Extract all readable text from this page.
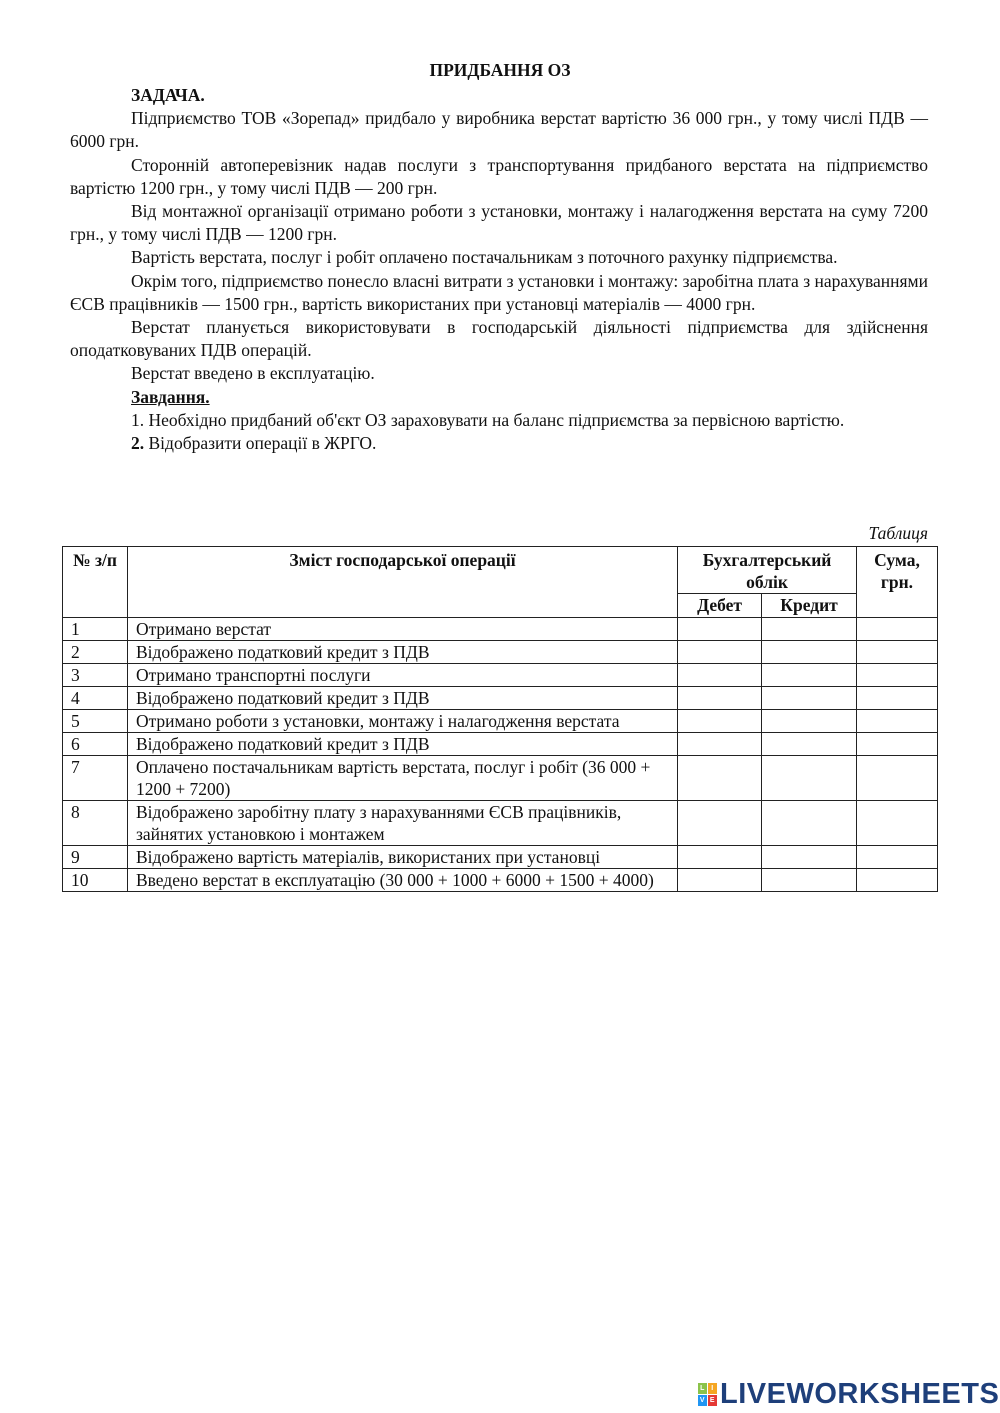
ПРИДБАННЯ ОЗ

ЗАДАЧА.

Підприємство ТОВ «Зорепад» придбало у виробника верстат вартістю 36 000 грн., у тому числі ПДВ — 6000 грн.

Сторонній автоперевізник надав послуги з транспортування придбаного верстата на підприємство вартістю 1200 грн., у тому числі ПДВ — 200 грн.

Від монтажної організації отримано роботи з установки, монтажу і налагодження верстата на суму 7200 грн., у тому числі ПДВ — 1200 грн.

Вартість верстата, послуг і робіт оплачено постачальникам з поточного рахунку підприємства.

Окрім того, підприємство понесло власні витрати з установки і монтажу: заробітна плата з нарахуваннями ЄСВ працівників — 1500 грн., вартість використаних при установці матеріалів — 4000 грн.

Верстат планується використовувати в господарській діяльності підприємства для здійснення оподатковуваних ПДВ операцій.

Верстат введено в експлуатацію.

Завдання.

1. Необхідно придбаний об'єкт ОЗ зараховувати на баланс підприємства за первісною вартістю.

2. Відобразити операції в ЖРГО.

Таблиця
№ з/п	Зміст господарської операції	Бухгалтерський облік		Сума, грн.
		Дебет	Кредит	
1	Отримано верстат			
2	Відображено податковий кредит з ПДВ			
3	Отримано транспортні послуги			
4	Відображено податковий кредит з ПДВ			
5	Отримано роботи з установки, монтажу і налагодження верстата			
6	Відображено податковий кредит з ПДВ			
7	Оплачено постачальникам вартість верстата, послуг і робіт (36 000 + 1200 + 7200)			
8	Відображено заробітну плату з нарахуваннями ЄСВ працівників, зайнятих установкою і монтажем			
9	Відображено вартість матеріалів, використаних при установці			
10	Введено верстат в експлуатацію (30 000 + 1000 + 6000 + 1500 + 4000)			
L I
V E LIVEWORKSHEETS
